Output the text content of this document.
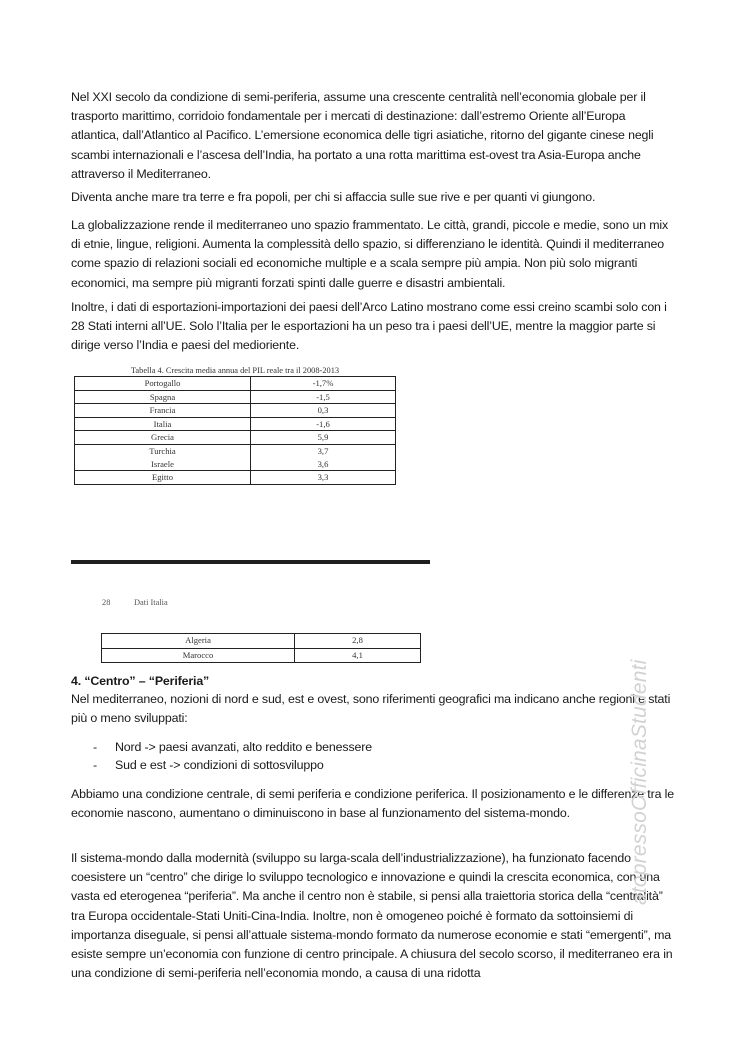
Nel XXI secolo da condizione di semi-periferia, assume una crescente centralità nell’economia globale per il trasporto marittimo, corridoio fondamentale per i mercati di destinazione: dall’estremo Oriente all’Europa atlantica, dall’Atlantico al Pacifico. L’emersione economica delle tigri asiatiche, ritorno del gigante cinese negli scambi internazionali e l’ascesa dell’India, ha portato a una rotta marittima est-ovest tra Asia-Europa anche attraverso il Mediterraneo.

Diventa anche mare tra terre e fra popoli, per chi si affaccia sulle sue rive e per quanti vi giungono.

La globalizzazione rende il mediterraneo uno spazio frammentato. Le città, grandi, piccole e medie, sono un mix di etnie, lingue, religioni. Aumenta la complessità dello spazio, si differenziano le identità. Quindi il mediterraneo come spazio di relazioni sociali ed economiche multiple e a scala sempre più ampia. Non più solo migranti economici, ma sempre più migranti forzati spinti dalle guerre e disastri ambientali.

Inoltre, i dati di esportazioni-importazioni dei paesi dell’Arco Latino mostrano come essi creino scambi solo con i 28 Stati interni all’UE. Solo l’Italia per le esportazioni ha un peso tra i paesi dell’UE, mentre la maggior parte si dirige verso l’India e paesi del medioriente.

Tabella 4. Crescita media annua del PIL reale tra il 2008-2013

Portogallo	-1,7%
Spagna	-1,5
Francia	0,3
Italia	-1,6
Grecia	5,9
Turchia	3,7
Israele	3,6
Egitto	3,3
28	Dati Italia
Algeria	2,8
Marocco	4,1
4. “Centro” – “Periferia”

Nel mediterraneo, nozioni di nord e sud, est e ovest, sono riferimenti geografici ma indicano anche regioni e stati più o meno sviluppati:

- Nord -> paesi avanzati, alto reddito e benessere
- Sud e est -> condizioni di sottosviluppo

Abbiamo una condizione centrale, di semi periferia e condizione periferica. Il posizionamento e le differenze tra le economie nascono, aumentano o diminuiscono in base al funzionamento del sistema-mondo.

Il sistema-mondo dalla modernità (sviluppo su larga-scala dell’industrializzazione), ha funzionato facendo coesistere un “centro” che dirige lo sviluppo tecnologico e innovazione e quindi la crescita economica, con una vasta ed eterogenea “periferia”. Ma anche il centro non è stabile, si pensi alla traiettoria storica della “centralità” tra Europa occidentale-Stati Uniti-Cina-India. Inoltre, non è omogeneo poiché è formato da sottoinsiemi di importanza diseguale, si pensi all’attuale sistema-mondo formato da numerose economie e stati “emergenti”, ma esiste sempre un’economia con funzione di centro principale. A chiusura del secolo scorso, il mediterraneo era in una condizione di semi-periferia nell’economia mondo, a causa di una ridotta

atopressoOfficinaStudenti
